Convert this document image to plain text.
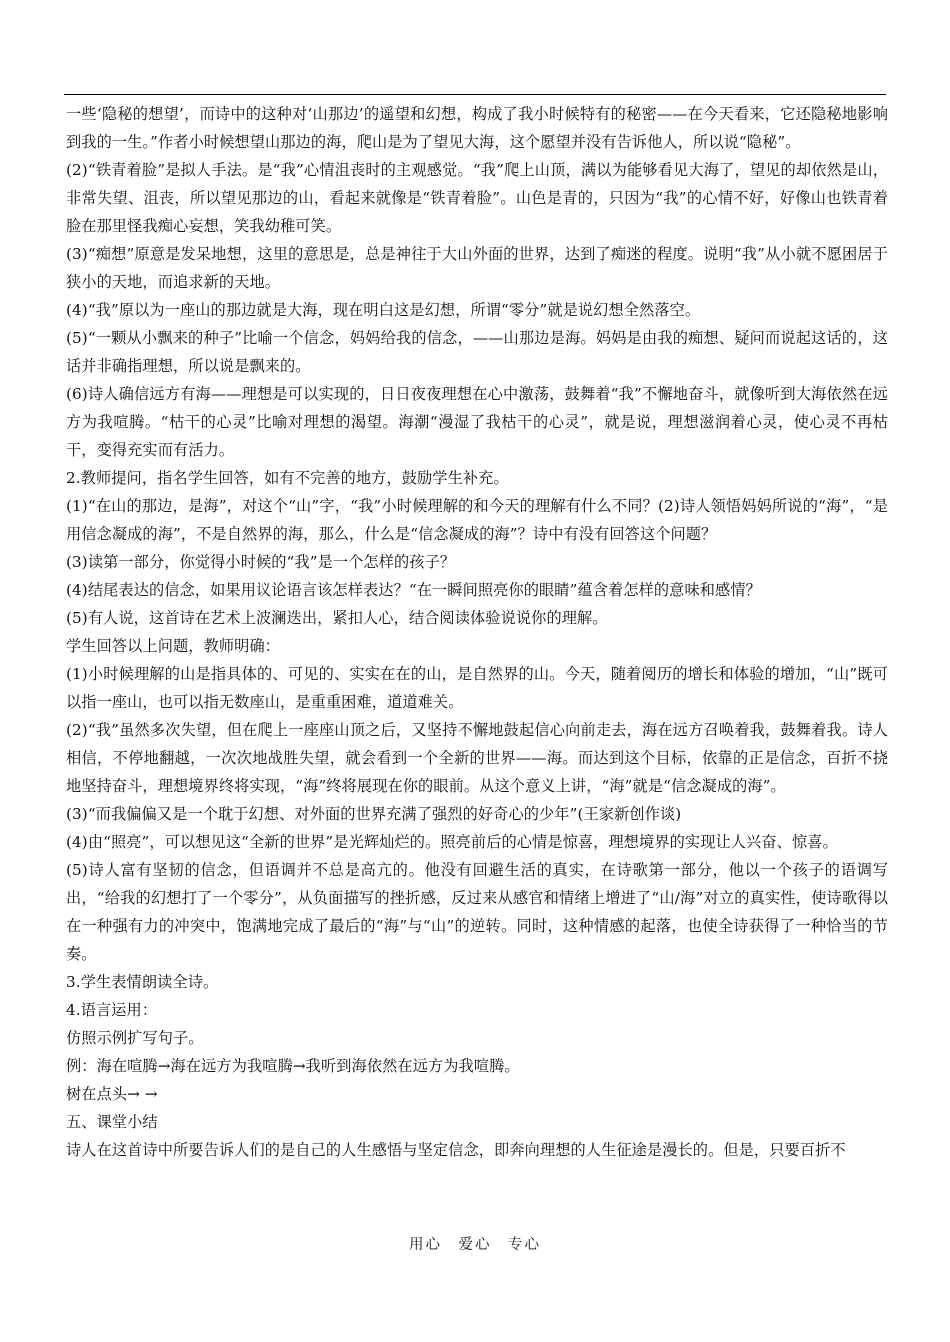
一些‘隐秘的想望’，而诗中的这种对‘山那边’的遥望和幻想，构成了我小时候特有的秘密——在今天看来，它还隐秘地影响到我的一生。”作者小时候想望山那边的海，爬山是为了望见大海，这个愿望并没有告诉他人，所以说“隐秘”。

(2)“铁青着脸”是拟人手法。是“我”心情沮丧时的主观感觉。“我”爬上山顶，满以为能够看见大海了，望见的却依然是山，非常失望、沮丧，所以望见那边的山，看起来就像是“铁青着脸”。山色是青的，只因为“我”的心情不好，好像山也铁青着脸在那里怪我痴心妄想，笑我幼稚可笑。

(3)“痴想”原意是发呆地想，这里的意思是，总是神往于大山外面的世界，达到了痴迷的程度。说明“我”从小就不愿困居于狭小的天地，而追求新的天地。

(4)“我”原以为一座山的那边就是大海，现在明白这是幻想，所谓“零分”就是说幻想全然落空。

(5)“一颗从小飘来的种子”比喻一个信念，妈妈给我的信念，——山那边是海。妈妈是由我的痴想、疑问而说起这话的，这话并非确指理想，所以说是飘来的。

(6)诗人确信远方有海——理想是可以实现的，日日夜夜理想在心中激荡，鼓舞着“我”不懈地奋斗，就像听到大海依然在远方为我喧腾。“枯干的心灵”比喻对理想的渴望。海潮“漫湿了我枯干的心灵”，就是说，理想滋润着心灵，使心灵不再枯干，变得充实而有活力。

2.教师提问，指名学生回答，如有不完善的地方，鼓励学生补充。

(1)“在山的那边，是海”，对这个“山”字，“我”小时候理解的和今天的理解有什么不同？(2)诗人领悟妈妈所说的“海”，“是用信念凝成的海”，不是自然界的海，那么，什么是“信念凝成的海”？诗中有没有回答这个问题？

(3)读第一部分，你觉得小时候的“我”是一个怎样的孩子？

(4)结尾表达的信念，如果用议论语言该怎样表达？“在一瞬间照亮你的眼睛”蕴含着怎样的意味和感情？

(5)有人说，这首诗在艺术上波澜迭出，紧扣人心，结合阅读体验说说你的理解。

学生回答以上问题，教师明确：

(1)小时候理解的山是指具体的、可见的、实实在在的山，是自然界的山。今天，随着阅历的增长和体验的增加，“山”既可以指一座山，也可以指无数座山，是重重困难，道道难关。

(2)“我”虽然多次失望，但在爬上一座座山顶之后，又坚持不懈地鼓起信心向前走去，海在远方召唤着我，鼓舞着我。诗人相信，不停地翻越，一次次地战胜失望，就会看到一个全新的世界——海。而达到这个目标，依靠的正是信念，百折不挠地坚持奋斗，理想境界终将实现，“海”终将展现在你的眼前。从这个意义上讲，“海”就是“信念凝成的海”。

(3)“而我偏偏又是一个耽于幻想、对外面的世界充满了强烈的好奇心的少年”(王家新创作谈)

(4)由“照亮”，可以想见这“全新的世界”是光辉灿烂的。照亮前后的心情是惊喜，理想境界的实现让人兴奋、惊喜。

(5)诗人富有坚韧的信念，但语调并不总是高亢的。他没有回避生活的真实，在诗歌第一部分，他以一个孩子的语调写出，“给我的幻想打了一个零分”，从负面描写的挫折感，反过来从感官和情绪上增进了“山/海”对立的真实性，使诗歌得以在一种强有力的冲突中，饱满地完成了最后的“海”与“山”的逆转。同时，这种情感的起落，也使全诗获得了一种恰当的节奏。

3.学生表情朗读全诗。

4.语言运用：

仿照示例扩写句子。

例：海在喧腾→海在远方为我喧腾→我听到海依然在远方为我喧腾。

树在点头→ →

五、课堂小结

诗人在这首诗中所要告诉人们的是自己的人生感悟与坚定信念，即奔向理想的人生征途是漫长的。但是，只要百折不

用心　爱心　专心
